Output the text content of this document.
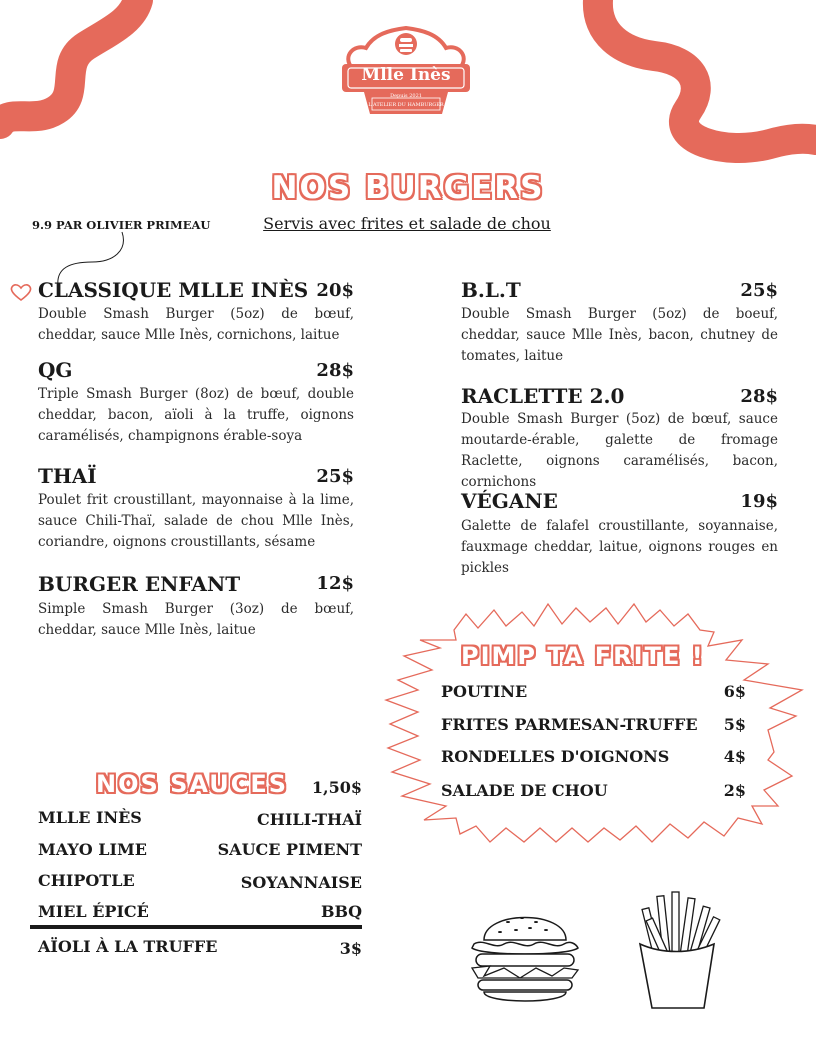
Mlle Inès
Depuis 2021
L'ATELIER DU HAMBURGER
NOS BURGERS
Servis avec frites et salade de chou
9.9 PAR OLIVIER PRIMEAU
CLASSIQUE MLLE INÈS 20$
Double Smash Burger (5oz) de bœuf, cheddar, sauce Mlle Inès, cornichons, laitue
QG	28$
Triple Smash Burger (8oz) de bœuf, double cheddar, bacon, aïoli à la truffe, oignons caramélisés, champignons érable-soya
THAÏ	25$
Poulet frit croustillant, mayonnaise à la lime, sauce Chili-Thaï, salade de chou Mlle Inès, coriandre, oignons croustillants, sésame
BURGER ENFANT	12$
Simple Smash Burger (3oz) de bœuf, cheddar, sauce Mlle Inès, laitue
B.L.T	25$
Double Smash Burger (5oz) de boeuf, cheddar, sauce Mlle Inès, bacon, chutney de tomates, laitue
RACLETTE 2.0	28$
Double Smash Burger (5oz) de bœuf, sauce moutarde-érable, galette de fromage Raclette, oignons caramélisés, bacon, cornichons
VÉGANE	19$
Galette de falafel croustillante, soyannaise, fauxmage cheddar, laitue, oignons rouges en pickles
PIMP TA FRITE !
POUTINE	6$
FRITES PARMESAN-TRUFFE	5$
RONDELLES D'OIGNONS	4$
SALADE DE CHOU	2$
NOS SAUCES	1,50$
MLLE INÈS	CHILI-THAÏ
MAYO LIME	SAUCE PIMENT
CHIPOTLE	SOYANNAISE
MIEL ÉPICÉ	BBQ
AÏOLI À LA TRUFFE	3$
